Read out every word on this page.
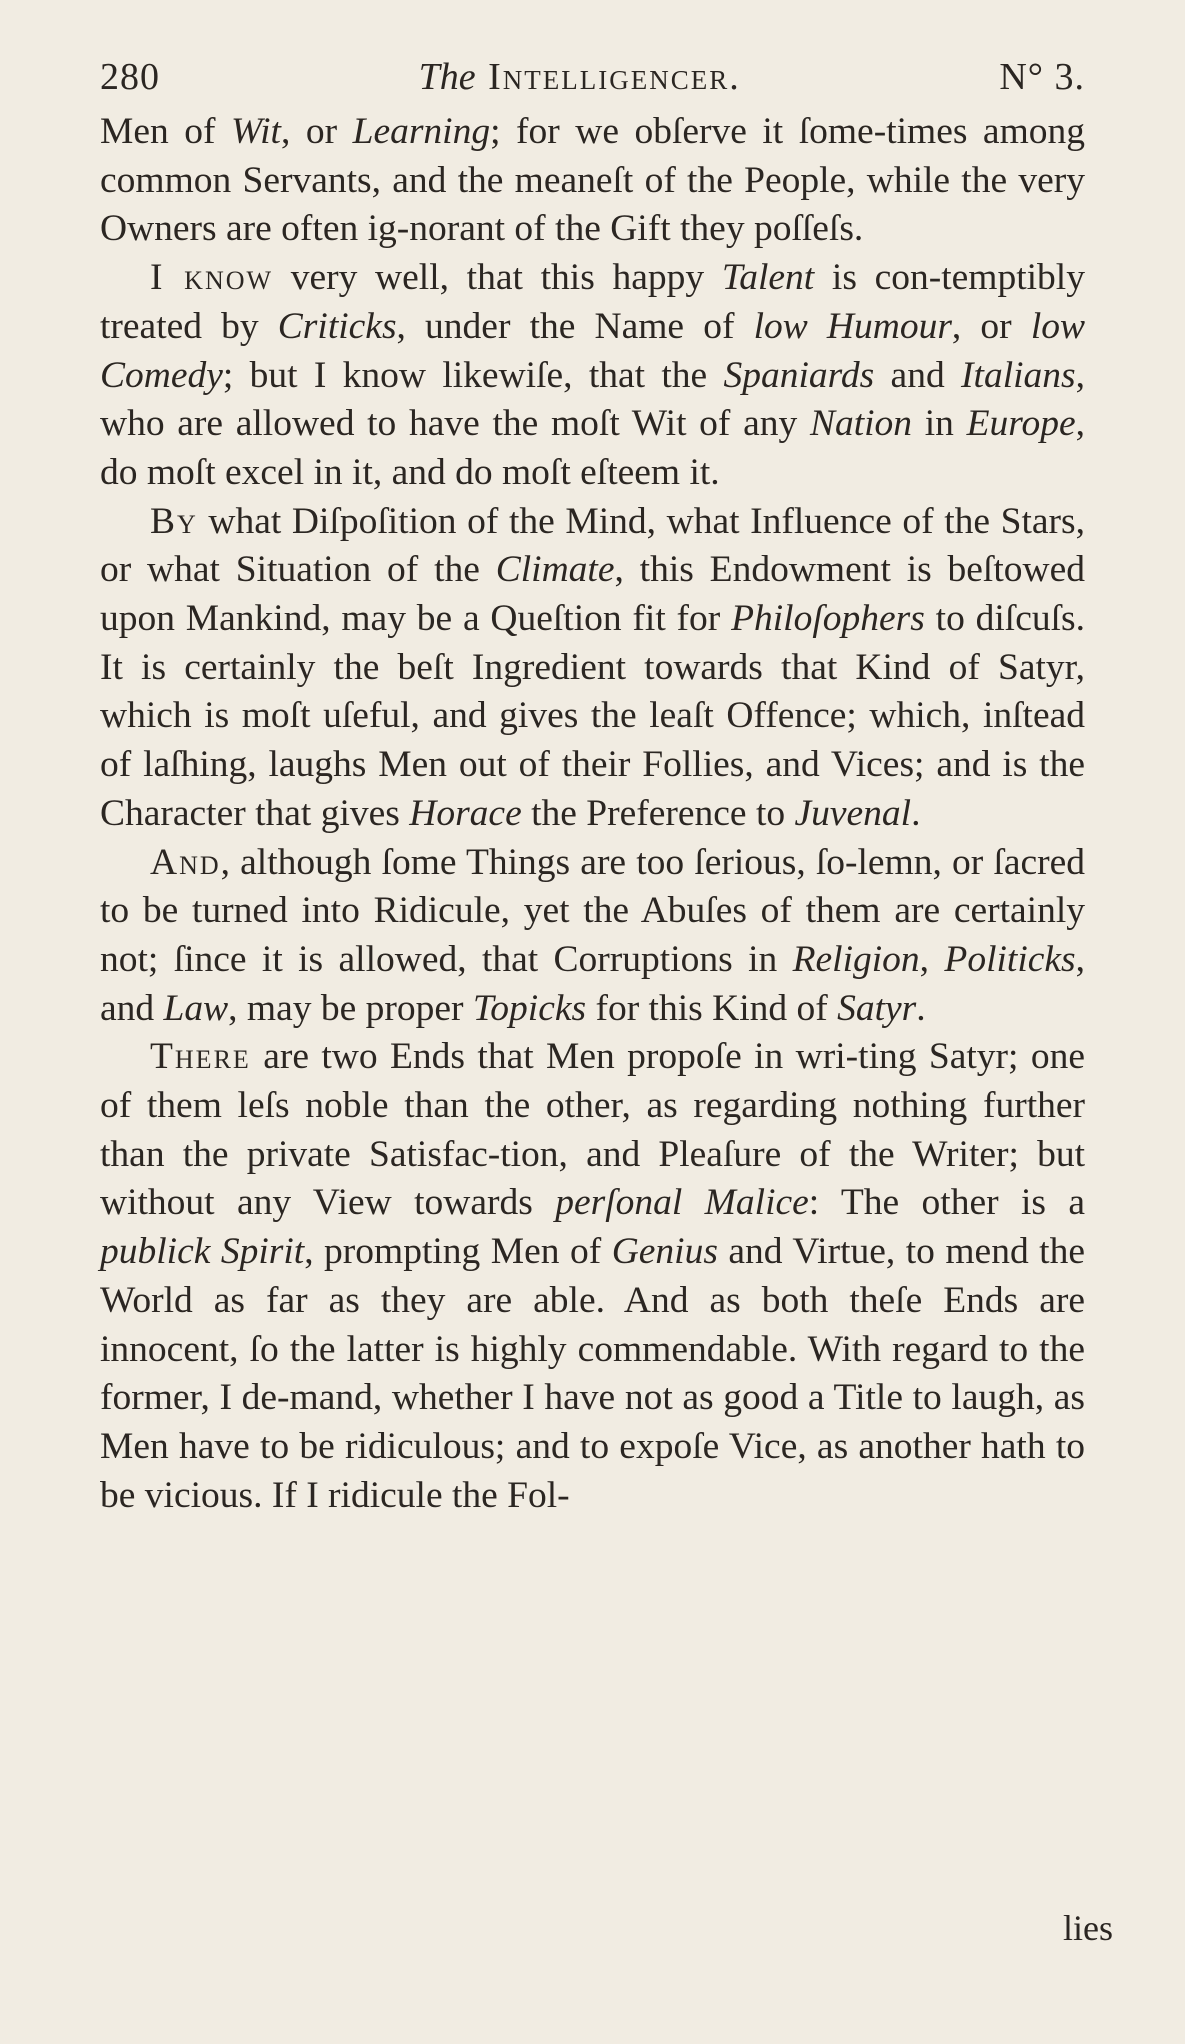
280	The Intelligencer.	N° 3.

Men of Wit, or Learning; for we obſerve it ſome-times among common Servants, and the meaneſt of the People, while the very Owners are often ig-norant of the Gift they poſſeſs.

I know very well, that this happy Talent is con-temptibly treated by Criticks, under the Name of low Humour, or low Comedy; but I know likewiſe, that the Spaniards and Italians, who are allowed to have the moſt Wit of any Nation in Europe, do moſt excel in it, and do moſt eſteem it.

By what Diſpoſition of the Mind, what Influence of the Stars, or what Situation of the Climate, this Endowment is beſtowed upon Mankind, may be a Queſtion fit for Philoſophers to diſcuſs. It is certainly the beſt Ingredient towards that Kind of Satyr, which is moſt uſeful, and gives the leaſt Offence; which, inſtead of laſhing, laughs Men out of their Follies, and Vices; and is the Character that gives Horace the Preference to Juvenal.

And, although ſome Things are too ſerious, ſo-lemn, or ſacred to be turned into Ridicule, yet the Abuſes of them are certainly not; ſince it is allowed, that Corruptions in Religion, Politicks, and Law, may be proper Topicks for this Kind of Satyr.

There are two Ends that Men propoſe in wri-ting Satyr; one of them leſs noble than the other, as regarding nothing further than the private Satisfac-tion, and Pleaſure of the Writer; but without any View towards perſonal Malice: The other is a publick Spirit, prompting Men of Genius and Virtue, to mend the World as far as they are able. And as both theſe Ends are innocent, ſo the latter is highly commendable. With regard to the former, I de-mand, whether I have not as good a Title to laugh, as Men have to be ridiculous; and to expoſe Vice, as another hath to be vicious. If I ridicule the Fol-

lies
